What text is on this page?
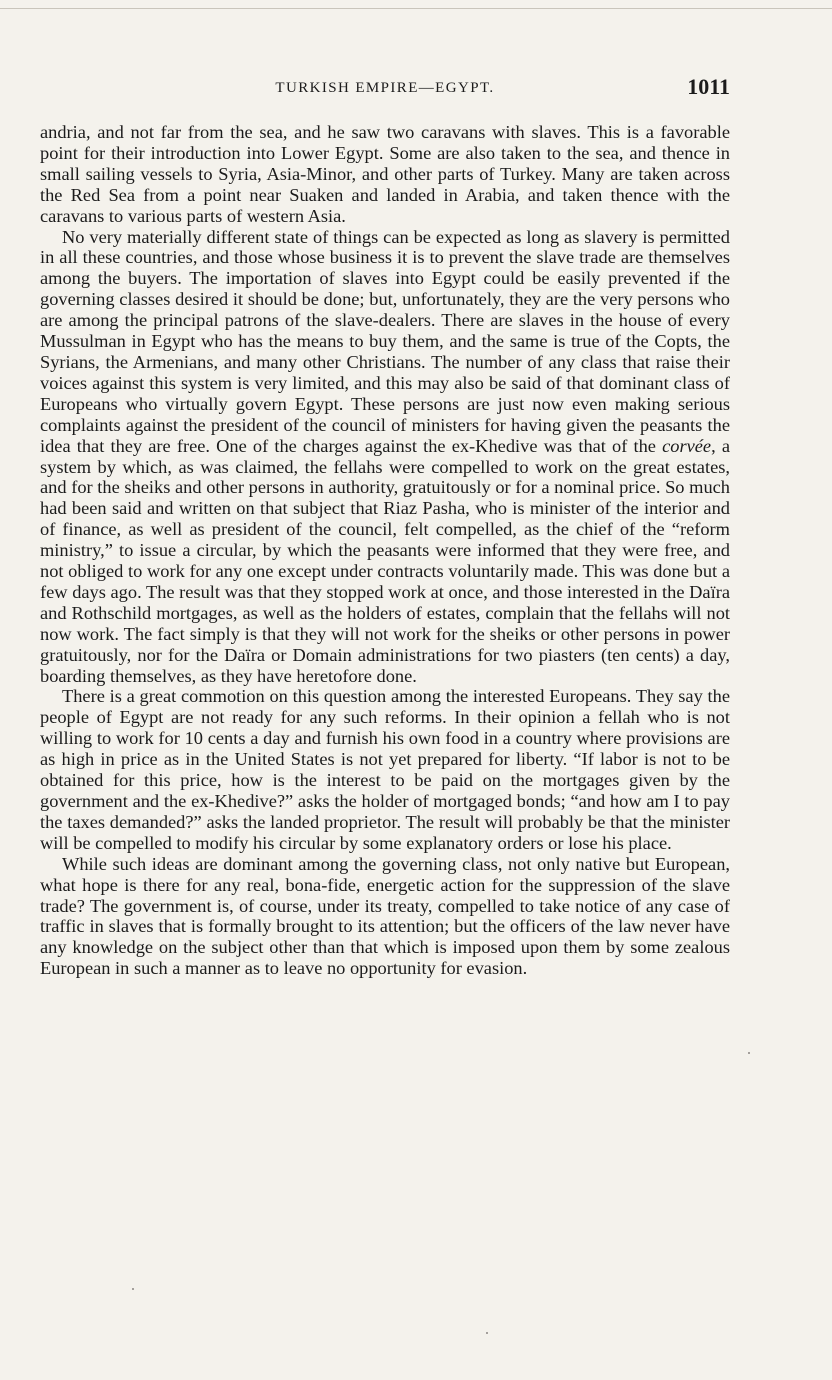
TURKISH EMPIRE—EGYPT.	1011

andria, and not far from the sea, and he saw two caravans with slaves. This is a favorable point for their introduction into Lower Egypt. Some are also taken to the sea, and thence in small sailing vessels to Syria, Asia-Minor, and other parts of Turkey. Many are taken across the Red Sea from a point near Suaken and landed in Arabia, and taken thence with the caravans to various parts of western Asia.

No very materially different state of things can be expected as long as slavery is permitted in all these countries, and those whose business it is to prevent the slave trade are themselves among the buyers. The importation of slaves into Egypt could be easily prevented if the governing classes desired it should be done; but, unfortunately, they are the very persons who are among the principal patrons of the slave-dealers. There are slaves in the house of every Mussulman in Egypt who has the means to buy them, and the same is true of the Copts, the Syrians, the Armenians, and many other Christians. The number of any class that raise their voices against this system is very limited, and this may also be said of that dominant class of Europeans who virtually govern Egypt. These persons are just now even making serious complaints against the president of the council of ministers for having given the peasants the idea that they are free. One of the charges against the ex-Khedive was that of the corvée, a system by which, as was claimed, the fellahs were compelled to work on the great estates, and for the sheiks and other persons in authority, gratuitously or for a nominal price. So much had been said and written on that subject that Riaz Pasha, who is minister of the interior and of finance, as well as president of the council, felt compelled, as the chief of the “reform ministry,” to issue a circular, by which the peasants were informed that they were free, and not obliged to work for any one except under contracts voluntarily made. This was done but a few days ago. The result was that they stopped work at once, and those interested in the Daïra and Rothschild mortgages, as well as the holders of estates, complain that the fellahs will not now work. The fact simply is that they will not work for the sheiks or other persons in power gratuitously, nor for the Daïra or Domain administrations for two piasters (ten cents) a day, boarding themselves, as they have heretofore done.

There is a great commotion on this question among the interested Europeans. They say the people of Egypt are not ready for any such reforms. In their opinion a fellah who is not willing to work for 10 cents a day and furnish his own food in a country where provisions are as high in price as in the United States is not yet prepared for liberty. “If labor is not to be obtained for this price, how is the interest to be paid on the mortgages given by the government and the ex-Khedive?” asks the holder of mortgaged bonds; “and how am I to pay the taxes demanded?” asks the landed proprietor. The result will probably be that the minister will be compelled to modify his circular by some explanatory orders or lose his place.

While such ideas are dominant among the governing class, not only native but European, what hope is there for any real, bona-fide, energetic action for the suppression of the slave trade? The government is, of course, under its treaty, compelled to take notice of any case of traffic in slaves that is formally brought to its attention; but the officers of the law never have any knowledge on the subject other than that which is imposed upon them by some zealous European in such a manner as to leave no opportunity for evasion.
